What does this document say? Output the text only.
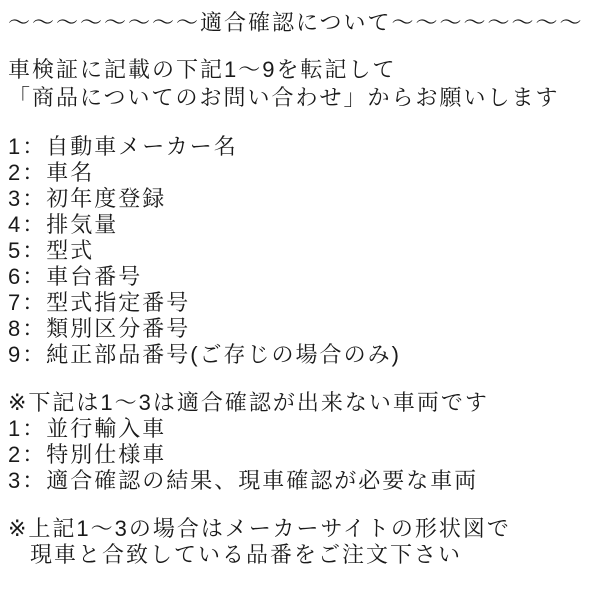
～～～～～～～～適合確認について～～～～～～～～
車検証に記載の下記1～9を転記して
「商品についてのお問い合わせ」からお願いします
1：自動車メーカー名
2：車名
3：初年度登録
4：排気量
5：型式
6：車台番号
7：型式指定番号
8：類別区分番号
9：純正部品番号(ご存じの場合のみ)
※下記は1～3は適合確認が出来ない車両です
1：並行輸入車
2：特別仕様車
3：適合確認の結果、現車確認が必要な車両
※上記1～3の場合はメーカーサイトの形状図で
現車と合致している品番をご注文下さい
